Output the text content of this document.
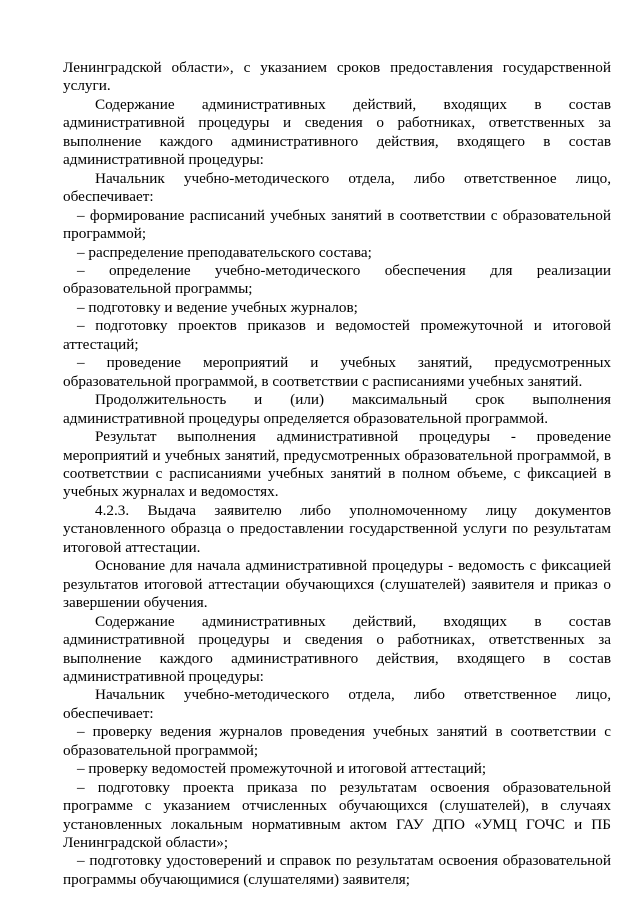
Ленинградской области», с указанием сроков предоставления государственной услуги.

Содержание административных действий, входящих в состав административной процедуры и сведения о работниках, ответственных за выполнение каждого административного действия, входящего в состав административной процедуры:

Начальник учебно-методического отдела, либо ответственное лицо, обеспечивает:

– формирование расписаний учебных занятий в соответствии с образовательной программой;

– распределение преподавательского состава;

– определение учебно-методического обеспечения для реализации образовательной программы;

– подготовку и ведение учебных журналов;

– подготовку проектов приказов и ведомостей промежуточной и итоговой аттестаций;

– проведение мероприятий и учебных занятий, предусмотренных образовательной программой, в соответствии с расписаниями учебных занятий.

Продолжительность и (или) максимальный срок выполнения административной процедуры определяется образовательной программой.

Результат выполнения административной процедуры - проведение мероприятий и учебных занятий, предусмотренных образовательной программой, в соответствии с расписаниями учебных занятий в полном объеме, с фиксацией в учебных журналах и ведомостях.

4.2.3. Выдача заявителю либо уполномоченному лицу документов установленного образца о предоставлении государственной услуги по результатам итоговой аттестации.

Основание для начала административной процедуры - ведомость с фиксацией результатов итоговой аттестации обучающихся (слушателей) заявителя и приказ о завершении обучения.

Содержание административных действий, входящих в состав административной процедуры и сведения о работниках, ответственных за выполнение каждого административного действия, входящего в состав административной процедуры:

Начальник учебно-методического отдела, либо ответственное лицо, обеспечивает:

– проверку ведения журналов проведения учебных занятий в соответствии с образовательной программой;

– проверку ведомостей промежуточной и итоговой аттестаций;

– подготовку проекта приказа по результатам освоения образовательной программе с указанием отчисленных обучающихся (слушателей), в случаях установленных локальным нормативным актом ГАУ ДПО «УМЦ ГОЧС и ПБ Ленинградской области»;

– подготовку удостоверений и справок по результатам освоения образовательной программы обучающимися (слушателями) заявителя;
